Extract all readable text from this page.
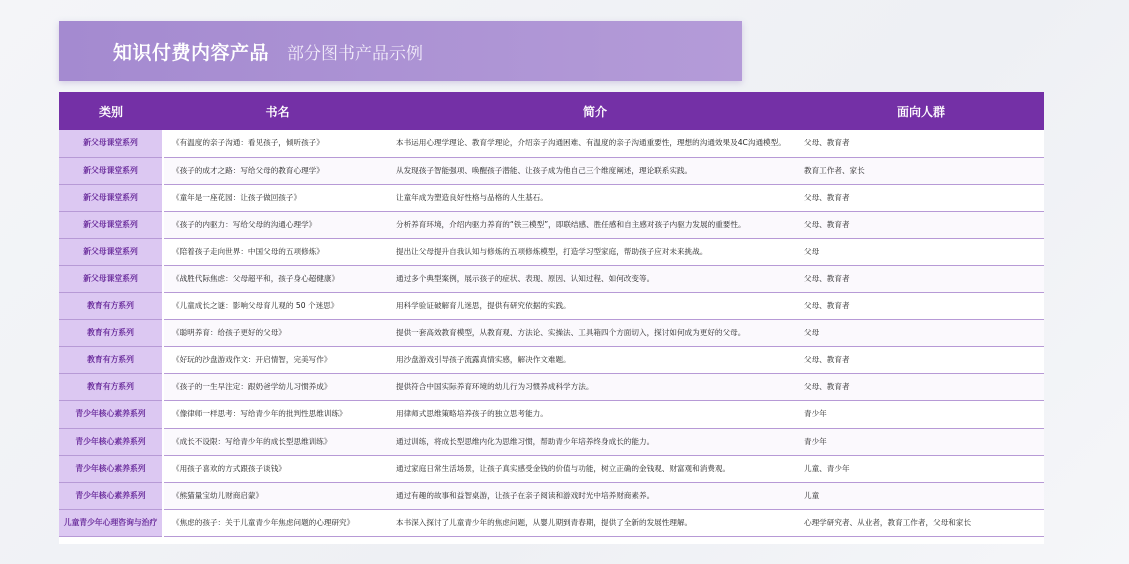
知识付费内容产品 部分图书产品示例
类别	书名	简介	面向人群
新父母课堂系列	《有温度的亲子沟通：看见孩子，倾听孩子》	本书运用心理学理论、教育学理论，介绍亲子沟通困难、有温度的亲子沟通重要性，理想的沟通效果及4C沟通模型。	父母、教育者
新父母课堂系列	《孩子的成才之路：写给父母的教育心理学》	从发现孩子智能强项、唤醒孩子潜能、让孩子成为他自己三个维度阐述，理论联系实践。	教育工作者、家长
新父母课堂系列	《童年是一座花园：让孩子做回孩子》	让童年成为塑造良好性格与品格的人生基石。	父母、教育者
新父母课堂系列	《孩子的内驱力：写给父母的沟通心理学》	分析养育环境，介绍内驱力养育的“铁三模型”，即联结感、胜任感和自主感对孩子内驱力发展的重要性。	父母、教育者
新父母课堂系列	《陪着孩子走向世界：中国父母的五项修炼》	提出让父母提升自我认知与修炼的五项修炼模型，打造学习型家庭，帮助孩子应对未来挑战。	父母
新父母课堂系列	《战胜代际焦虑：父母超平和，孩子身心超健康》	通过多个典型案例，展示孩子的症状、表现、原因、认知过程、如何改变等。	父母、教育者
教育有方系列	《儿童成长之谜：影响父母育儿观的 50 个迷思》	用科学验证破解育儿迷思，提供有研究依据的实践。	父母、教育者
教育有方系列	《聪明养育：给孩子更好的父母》	提供一套高效教育模型，从教育观、方法论、实操法、工具箱四个方面切入，探讨如何成为更好的父母。	父母
教育有方系列	《好玩的沙盘游戏作文：开启情智，完美写作》	用沙盘游戏引导孩子流露真情实感，解决作文难题。	父母、教育者
教育有方系列	《孩子的一生早注定：跟奶爸学幼儿习惯养成》	提供符合中国实际养育环境的幼儿行为习惯养成科学方法。	父母、教育者
青少年核心素养系列	《像律师一样思考：写给青少年的批判性思维训练》	用律师式思维策略培养孩子的独立思考能力。	青少年
青少年核心素养系列	《成长不设限：写给青少年的成长型思维训练》	通过训练，将成长型思维内化为思维习惯，帮助青少年培养终身成长的能力。	青少年
青少年核心素养系列	《用孩子喜欢的方式跟孩子谈钱》	通过家庭日常生活场景，让孩子真实感受金钱的价值与功能，树立正确的金钱观、财富观和消费观。	儿童、青少年
青少年核心素养系列	《熊猫量宝幼儿财商启蒙》	通过有趣的故事和益智桌游，让孩子在亲子阅读和游戏时光中培养财商素养。	儿童
儿童青少年心理咨询与治疗	《焦虑的孩子：关于儿童青少年焦虑问题的心理研究》	本书深入探讨了儿童青少年的焦虑问题，从婴儿期到青春期，提供了全新的发展性理解。	心理学研究者、从业者，教育工作者，父母和家长
